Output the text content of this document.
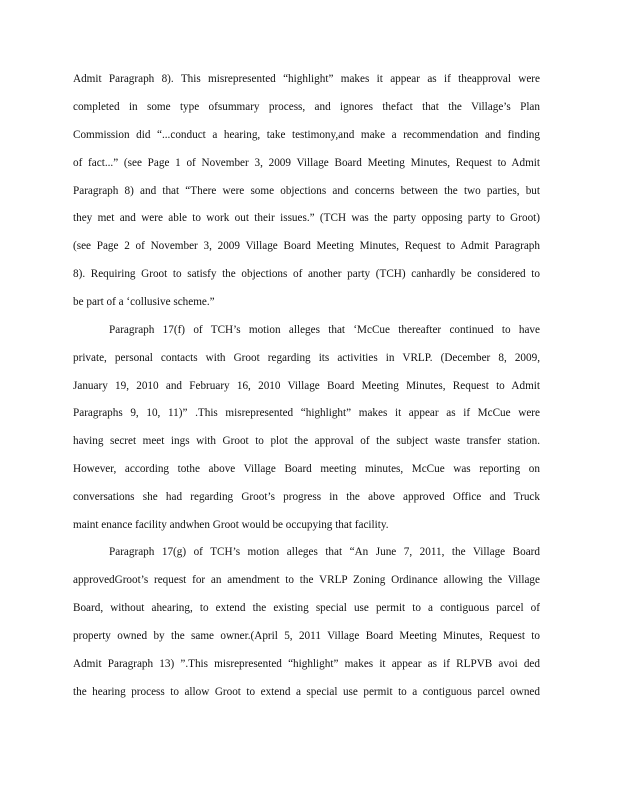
Admit Paragraph 8). This misrepresented “highlight” makes it appear as if theapproval were
completed in some type ofsummary process, and ignores thefact that the Village’s Plan
Commission did “...conduct a hearing, take testimony,and make a recommendation and finding
of fact...” (see Page 1 of November 3, 2009 Village Board Meeting Minutes, Request to Admit
Paragraph 8) and that “There were some objections and concerns between the two parties, but
they met and were able to work out their issues.” (TCH was the party opposing party to Groot)
(see Page 2 of November 3, 2009 Village Board Meeting Minutes, Request to Admit Paragraph
8). Requiring Groot to satisfy the objections of another party (TCH) canhardly be considered to
be part of a ‘collusive scheme.”
Paragraph 17(f) of TCH’s motion alleges that ‘McCue thereafter continued to have
private, personal contacts with Groot regarding its activities in VRLP. (December 8, 2009,
January 19, 2010 and February 16, 2010 Village Board Meeting Minutes, Request to Admit
Paragraphs 9, 10, 11)” .This misrepresented “highlight” makes it appear as if McCue were
having secret meet ings with Groot to plot the approval of the subject waste transfer station.
However, according tothe above Village Board meeting minutes, McCue was reporting on
conversations she had regarding Groot’s progress in the above approved Office and Truck
maint enance facility andwhen Groot would be occupying that facility.
Paragraph 17(g) of TCH’s motion alleges that “An June 7, 2011, the Village Board
approvedGroot’s request for an amendment to the VRLP Zoning Ordinance allowing the Village
Board, without ahearing, to extend the existing special use permit to a contiguous parcel of
property owned by the same owner.(April 5, 2011 Village Board Meeting Minutes, Request to
Admit Paragraph 13) ”.This misrepresented “highlight” makes it appear as if RLPVB avoi ded
the hearing process to allow Groot to extend a special use permit to a contiguous parcel owned
